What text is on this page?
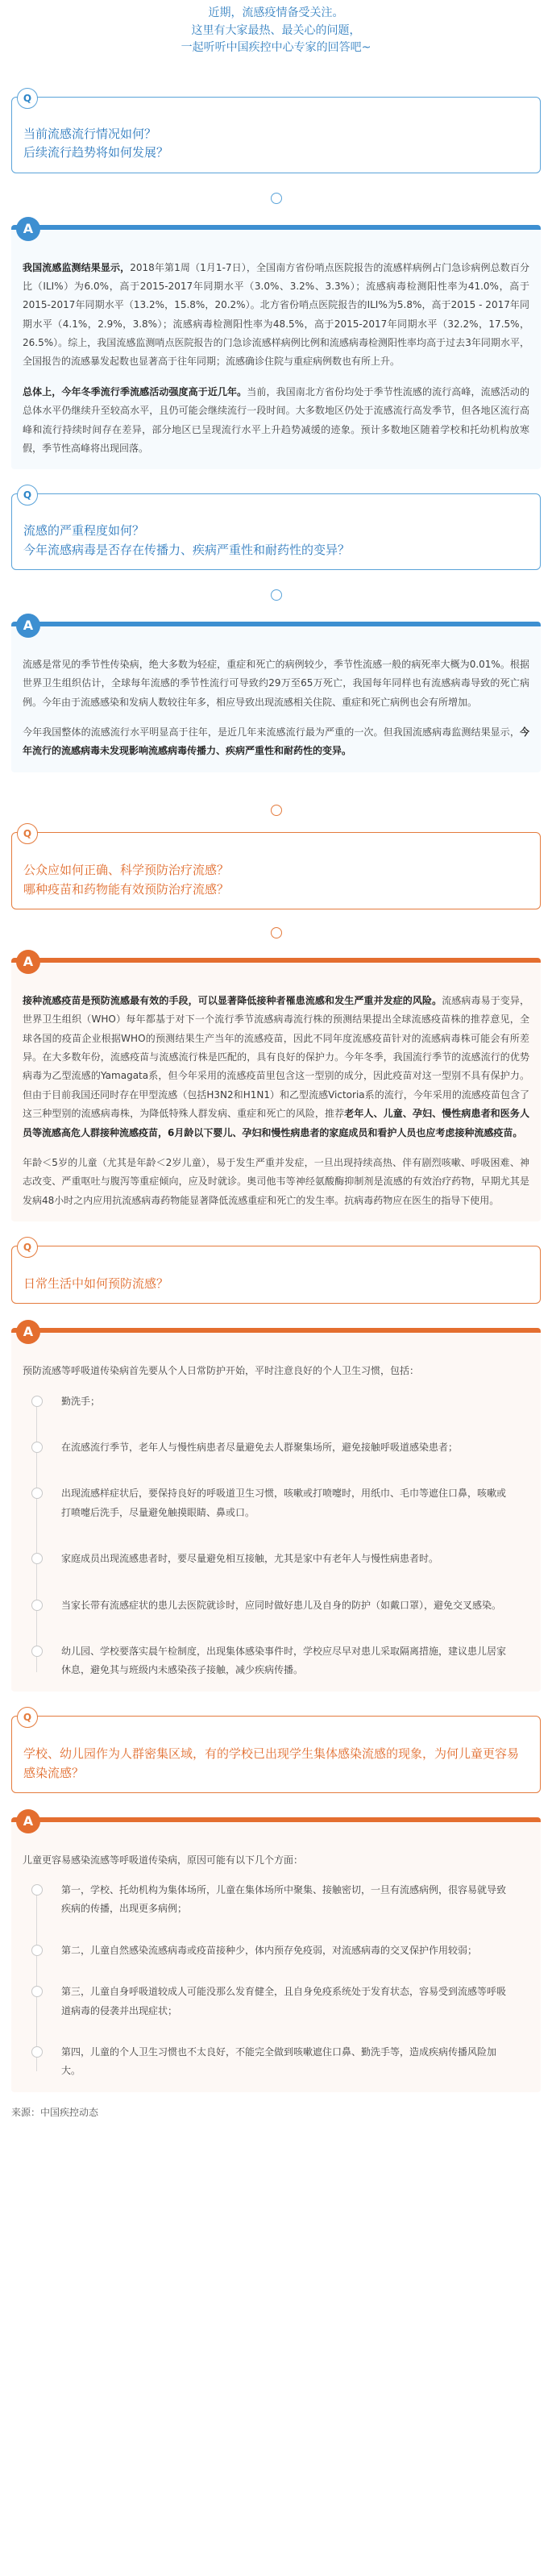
近期，流感疫情备受关注。
这里有大家最热、最关心的问题，
一起听听中国疾控中心专家的回答吧~
Q
当前流感流行情况如何？
后续流行趋势将如何发展？
A

我国流感监测结果显示，2018年第1周（1月1-7日），全国南方省份哨点医院报告的流感样病例占门急诊病例总数百分比（ILI%）为6.0%，高于2015-2017年同期水平（3.0%、3.2%、3.3%）；流感病毒检测阳性率为41.0%，高于2015-2017年同期水平（13.2%，15.8%，20.2%）。北方省份哨点医院报告的ILI%为5.8%，高于2015 - 2017年同期水平（4.1%，2.9%，3.8%）；流感病毒检测阳性率为48.5%，高于2015-2017年同期水平（32.2%，17.5%，26.5%）。综上，我国流感监测哨点医院报告的门急诊流感样病例比例和流感病毒检测阳性率均高于过去3年同期水平，全国报告的流感暴发起数也显著高于往年同期；流感确诊住院与重症病例数也有所上升。

总体上，今年冬季流行季流感活动强度高于近几年。当前，我国南北方省份均处于季节性流感的流行高峰，流感活动的总体水平仍继续升至较高水平，且仍可能会继续流行一段时间。大多数地区仍处于流感流行高发季节，但各地区流行高峰和流行持续时间存在差异，部分地区已呈现流行水平上升趋势减缓的迹象。预计多数地区随着学校和托幼机构放寒假，季节性高峰将出现回落。

Q
流感的严重程度如何？
今年流感病毒是否存在传播力、疾病严重性和耐药性的变异？
A

流感是常见的季节性传染病，绝大多数为轻症，重症和死亡的病例较少，季节性流感一般的病死率大概为0.01%。根据世界卫生组织估计，全球每年流感的季节性流行可导致约29万至65万死亡，我国每年同样也有流感病毒导致的死亡病例。今年由于流感感染和发病人数较往年多，相应导致出现流感相关住院、重症和死亡病例也会有所增加。

今年我国整体的流感流行水平明显高于往年，是近几年来流感流行最为严重的一次。但我国流感病毒监测结果显示，今年流行的流感病毒未发现影响流感病毒传播力、疾病严重性和耐药性的变异。

Q
公众应如何正确、科学预防治疗流感？
哪种疫苗和药物能有效预防治疗流感？
A

接种流感疫苗是预防流感最有效的手段，可以显著降低接种者罹患流感和发生严重并发症的风险。流感病毒易于变异，世界卫生组织（WHO）每年都基于对下一个流行季节流感病毒流行株的预测结果提出全球流感疫苗株的推荐意见，全球各国的疫苗企业根据WHO的预测结果生产当年的流感疫苗，因此不同年度流感疫苗针对的流感病毒株可能会有所差异。在大多数年份，流感疫苗与流感流行株是匹配的，具有良好的保护力。今年冬季，我国流行季节的流感流行的优势病毒为乙型流感的Yamagata系，但今年采用的流感疫苗里包含这一型别的成分，因此疫苗对这一型别不具有保护力。但由于目前我国还同时存在甲型流感（包括H3N2和H1N1）和乙型流感Victoria系的流行，今年采用的流感疫苗包含了这三种型别的流感病毒株，为降低特殊人群发病、重症和死亡的风险，推荐老年人、儿童、孕妇、慢性病患者和医务人员等流感高危人群接种流感疫苗，6月龄以下婴儿、孕妇和慢性病患者的家庭成员和看护人员也应考虑接种流感疫苗。

年龄＜5岁的儿童（尤其是年龄＜2岁儿童），易于发生严重并发症，一旦出现持续高热、伴有剧烈咳嗽、呼吸困难、神志改变、严重呕吐与腹泻等重症倾向，应及时就诊。奥司他韦等神经氨酸酶抑制剂是流感的有效治疗药物，早期尤其是发病48小时之内应用抗流感病毒药物能显著降低流感重症和死亡的发生率。抗病毒药物应在医生的指导下使用。

Q
日常生活中如何预防流感？
A

预防流感等呼吸道传染病首先要从个人日常防护开始，平时注意良好的个人卫生习惯，包括：

勤洗手；
在流感流行季节，老年人与慢性病患者尽量避免去人群聚集场所，避免接触呼吸道感染患者；
出现流感样症状后，要保持良好的呼吸道卫生习惯，咳嗽或打喷嚏时，用纸巾、毛巾等遮住口鼻，咳嗽或打喷嚏后洗手，尽量避免触摸眼睛、鼻或口。
家庭成员出现流感患者时，要尽量避免相互接触，尤其是家中有老年人与慢性病患者时。
当家长带有流感症状的患儿去医院就诊时，应同时做好患儿及自身的防护（如戴口罩），避免交叉感染。
幼儿园、学校要落实晨午检制度，出现集体感染事件时，学校应尽早对患儿采取隔离措施，建议患儿居家休息，避免其与班级内未感染孩子接触，减少疾病传播。
Q
学校、幼儿园作为人群密集区域，有的学校已出现学生集体感染流感的现象，为何儿童更容易感染流感？
A

儿童更容易感染流感等呼吸道传染病，原因可能有以下几个方面：

第一，学校、托幼机构为集体场所，儿童在集体场所中聚集、接触密切，一旦有流感病例，很容易就导致疾病的传播，出现更多病例；
第二，儿童自然感染流感病毒或疫苗接种少，体内预存免疫弱，对流感病毒的交叉保护作用较弱；
第三，儿童自身呼吸道较成人可能没那么发育健全，且自身免疫系统处于发育状态，容易受到流感等呼吸道病毒的侵袭并出现症状；
第四，儿童的个人卫生习惯也不太良好，不能完全做到咳嗽遮住口鼻、勤洗手等，造成疾病传播风险加大。
来源：中国疾控动态
